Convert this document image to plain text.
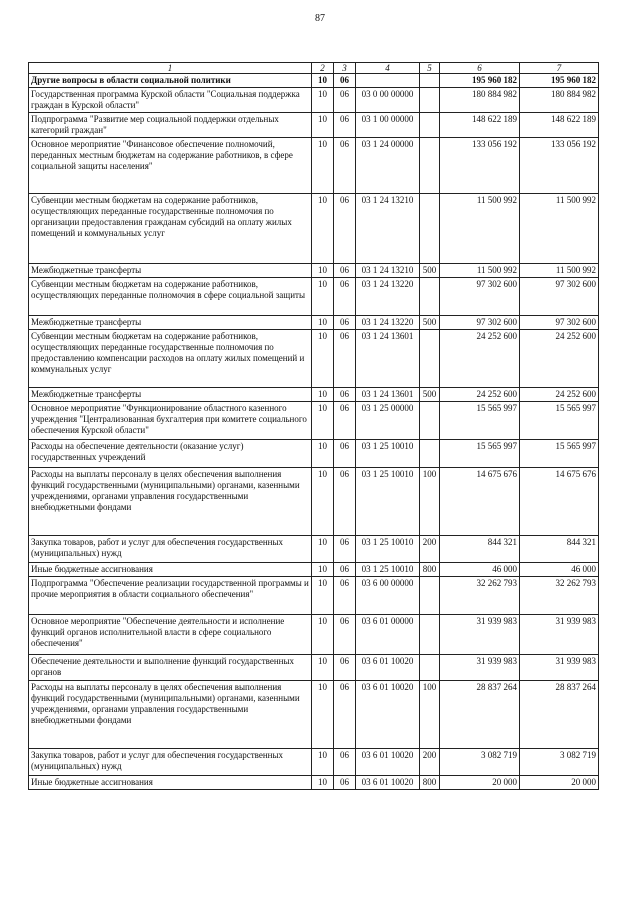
87
1	2	3	4	5	6	7
Другие вопросы в области социальной политики	10	06			195 960 182	195 960 182
Государственная программа Курской области "Социальная поддержка граждан в Курской области"	10	06	03 0 00 00000		180 884 982	180 884 982
Подпрограмма "Развитие мер социальной поддержки отдельных категорий граждан"	10	06	03 1 00 00000		148 622 189	148 622 189
Основное мероприятие "Финансовое обеспечение полномочий, переданных местным бюджетам на содержание работников, в сфере социальной защиты населения"	10	06	03 1 24 00000		133 056 192	133 056 192
Субвенции местным бюджетам на содержание работников, осуществляющих переданные государственные полномочия по организации предоставления гражданам субсидий на оплату жилых помещений и коммунальных услуг	10	06	03 1 24 13210		11 500 992	11 500 992
Межбюджетные трансферты	10	06	03 1 24 13210	500	11 500 992	11 500 992
Субвенции местным бюджетам на содержание работников, осуществляющих переданные полномочия в сфере социальной защиты	10	06	03 1 24 13220		97 302 600	97 302 600
Межбюджетные трансферты	10	06	03 1 24 13220	500	97 302 600	97 302 600
Субвенции местным бюджетам на содержание работников, осуществляющих переданные государственные полномочия по предоставлению компенсации расходов на оплату жилых помещений и коммунальных услуг	10	06	03 1 24 13601		24 252 600	24 252 600
Межбюджетные трансферты	10	06	03 1 24 13601	500	24 252 600	24 252 600
Основное мероприятие "Функционирование областного казенного учреждения "Централизованная бухгалтерия при комитете социального обеспечения Курской области"	10	06	03 1 25 00000		15 565 997	15 565 997
Расходы на обеспечение деятельности (оказание услуг) государственных учреждений	10	06	03 1 25 10010		15 565 997	15 565 997
Расходы на выплаты персоналу в целях обеспечения выполнения функций государственными (муниципальными) органами, казенными учреждениями, органами управления государственными внебюджетными фондами	10	06	03 1 25 10010	100	14 675 676	14 675 676
Закупка товаров, работ и услуг для обеспечения государственных (муниципальных) нужд	10	06	03 1 25 10010	200	844 321	844 321
Иные бюджетные ассигнования	10	06	03 1 25 10010	800	46 000	46 000
Подпрограмма "Обеспечение реализации государственной программы и прочие мероприятия в области социального обеспечения"	10	06	03 6 00 00000		32 262 793	32 262 793
Основное мероприятие "Обеспечение деятельности и исполнение функций органов исполнительной власти в сфере социального обеспечения"	10	06	03 6 01 00000		31 939 983	31 939 983
Обеспечение деятельности и выполнение функций государственных органов	10	06	03 6 01 10020		31 939 983	31 939 983
Расходы на выплаты персоналу в целях обеспечения выполнения функций государственными (муниципальными) органами, казенными учреждениями, органами управления государственными внебюджетными фондами	10	06	03 6 01 10020	100	28 837 264	28 837 264
Закупка товаров, работ и услуг для обеспечения государственных (муниципальных) нужд	10	06	03 6 01 10020	200	3 082 719	3 082 719
Иные бюджетные ассигнования	10	06	03 6 01 10020	800	20 000	20 000
